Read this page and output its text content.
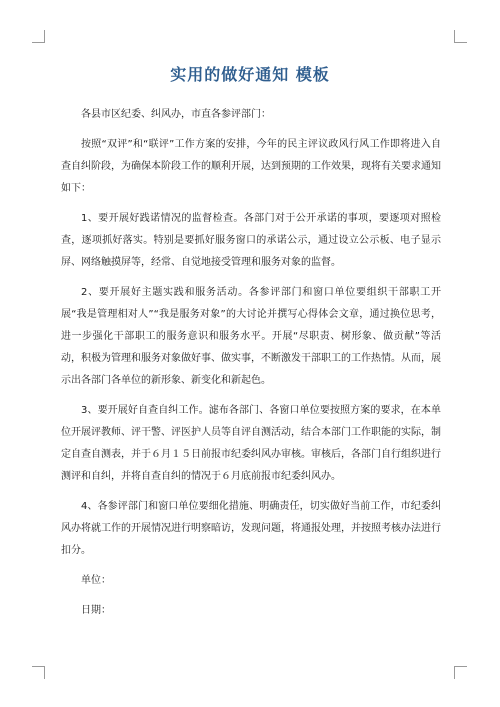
实用的做好通知 模板

各县市区纪委、纠风办，市直各参评部门：

按照“双评”和“联评”工作方案的安排，今年的民主评议政风行风工作即将进入自查自纠阶段，为确保本阶段工作的顺利开展，达到预期的工作效果，现将有关要求通知如下：

1、要开展好践诺情况的监督检查。各部门对于公开承诺的事项，要逐项对照检查，逐项抓好落实。特别是要抓好服务窗口的承诺公示，通过设立公示板、电子显示屏、网络触摸屏等，经常、自觉地接受管理和服务对象的监督。

2、要开展好主题实践和服务活动。各参评部门和窗口单位要组织干部职工开展“我是管理相对人”“我是服务对象”的大讨论并撰写心得体会文章，通过换位思考，进一步强化干部职工的服务意识和服务水平。开展“尽职责、树形象、做贡献”等活动，积极为管理和服务对象做好事、做实事，不断激发干部职工的工作热情。从而，展示出各部门各单位的新形象、新变化和新起色。

3、要开展好自查自纠工作。滤布各部门、各窗口单位要按照方案的要求，在本单位开展评教师、评干警、评医护人员等自评自测活动，结合本部门工作职能的实际，制定自查自测表，并于６月１５日前报市纪委纠风办审核。审核后，各部门自行组织进行测评和自纠，并将自查自纠的情况于６月底前报市纪委纠风办。

4、各参评部门和窗口单位要细化措施、明确责任，切实做好当前工作，市纪委纠风办将就工作的开展情况进行明察暗访，发现问题，将通报处理，并按照考核办法进行扣分。

单位：

日期：
